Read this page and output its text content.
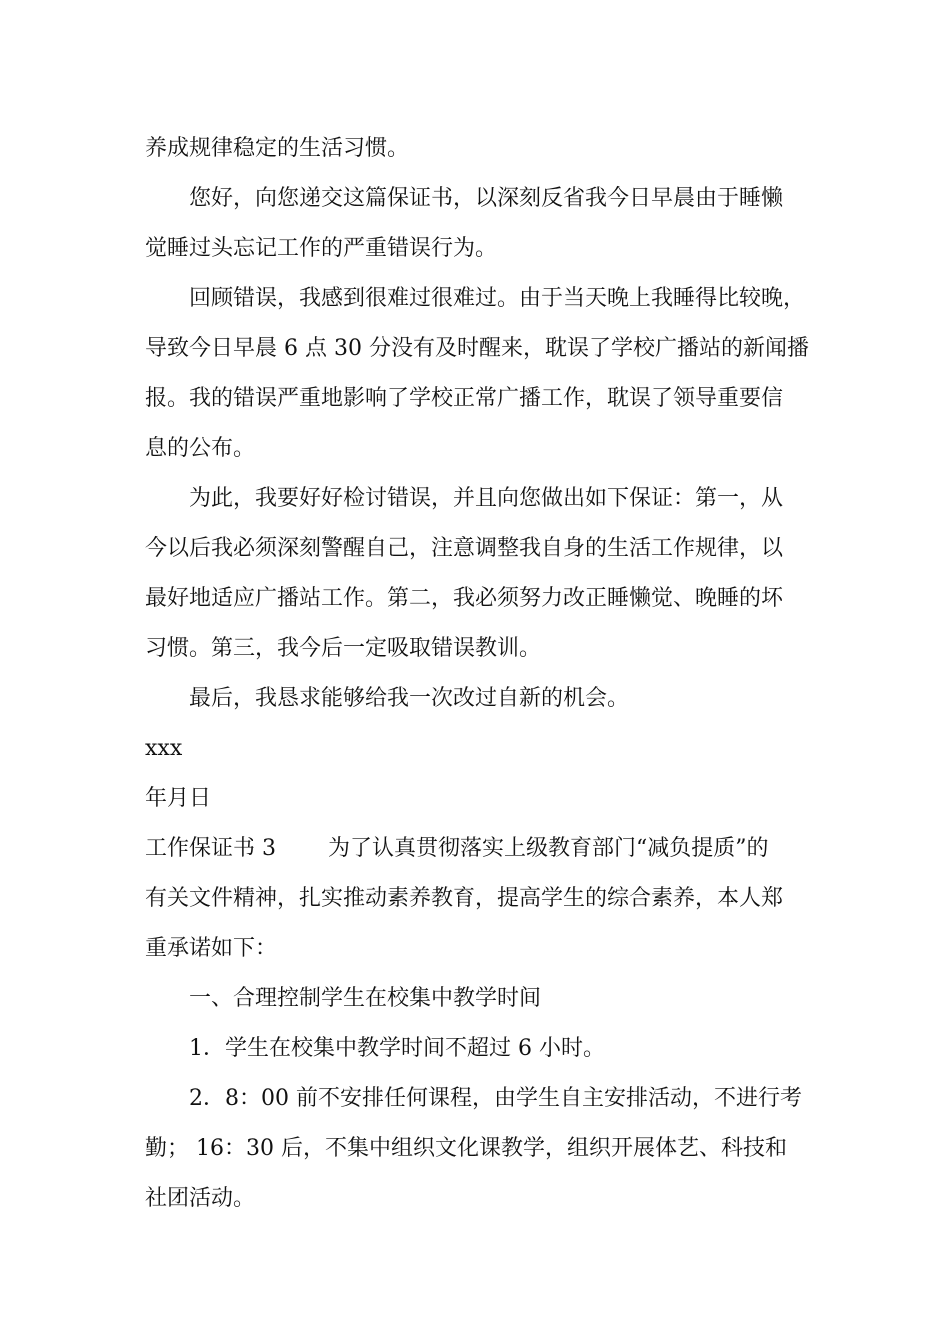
养成规律稳定的生活习惯。

您好，向您递交这篇保证书，以深刻反省我今日早晨由于睡懒

觉睡过头忘记工作的严重错误行为。

回顾错误，我感到很难过很难过。由于当天晚上我睡得比较晚，

导致今日早晨 6 点 30 分没有及时醒来，耽误了学校广播站的新闻播

报。我的错误严重地影响了学校正常广播工作，耽误了领导重要信

息的公布。

为此，我要好好检讨错误，并且向您做出如下保证：第一，从

今以后我必须深刻警醒自己，注意调整我自身的生活工作规律，以

最好地适应广播站工作。第二，我必须努力改正睡懒觉、晚睡的坏

习惯。第三，我今后一定吸取错误教训。

最后，我恳求能够给我一次改过自新的机会。

xxx

年月日

工作保证书 3 为了认真贯彻落实上级教育部门“减负提质”的

有关文件精神，扎实推动素养教育，提高学生的综合素养，本人郑

重承诺如下：

一、合理控制学生在校集中教学时间

1．学生在校集中教学时间不超过 6 小时。

2．8：00 前不安排任何课程，由学生自主安排活动，不进行考

勤； 16：30 后，不集中组织文化课教学，组织开展体艺、科技和

社团活动。
